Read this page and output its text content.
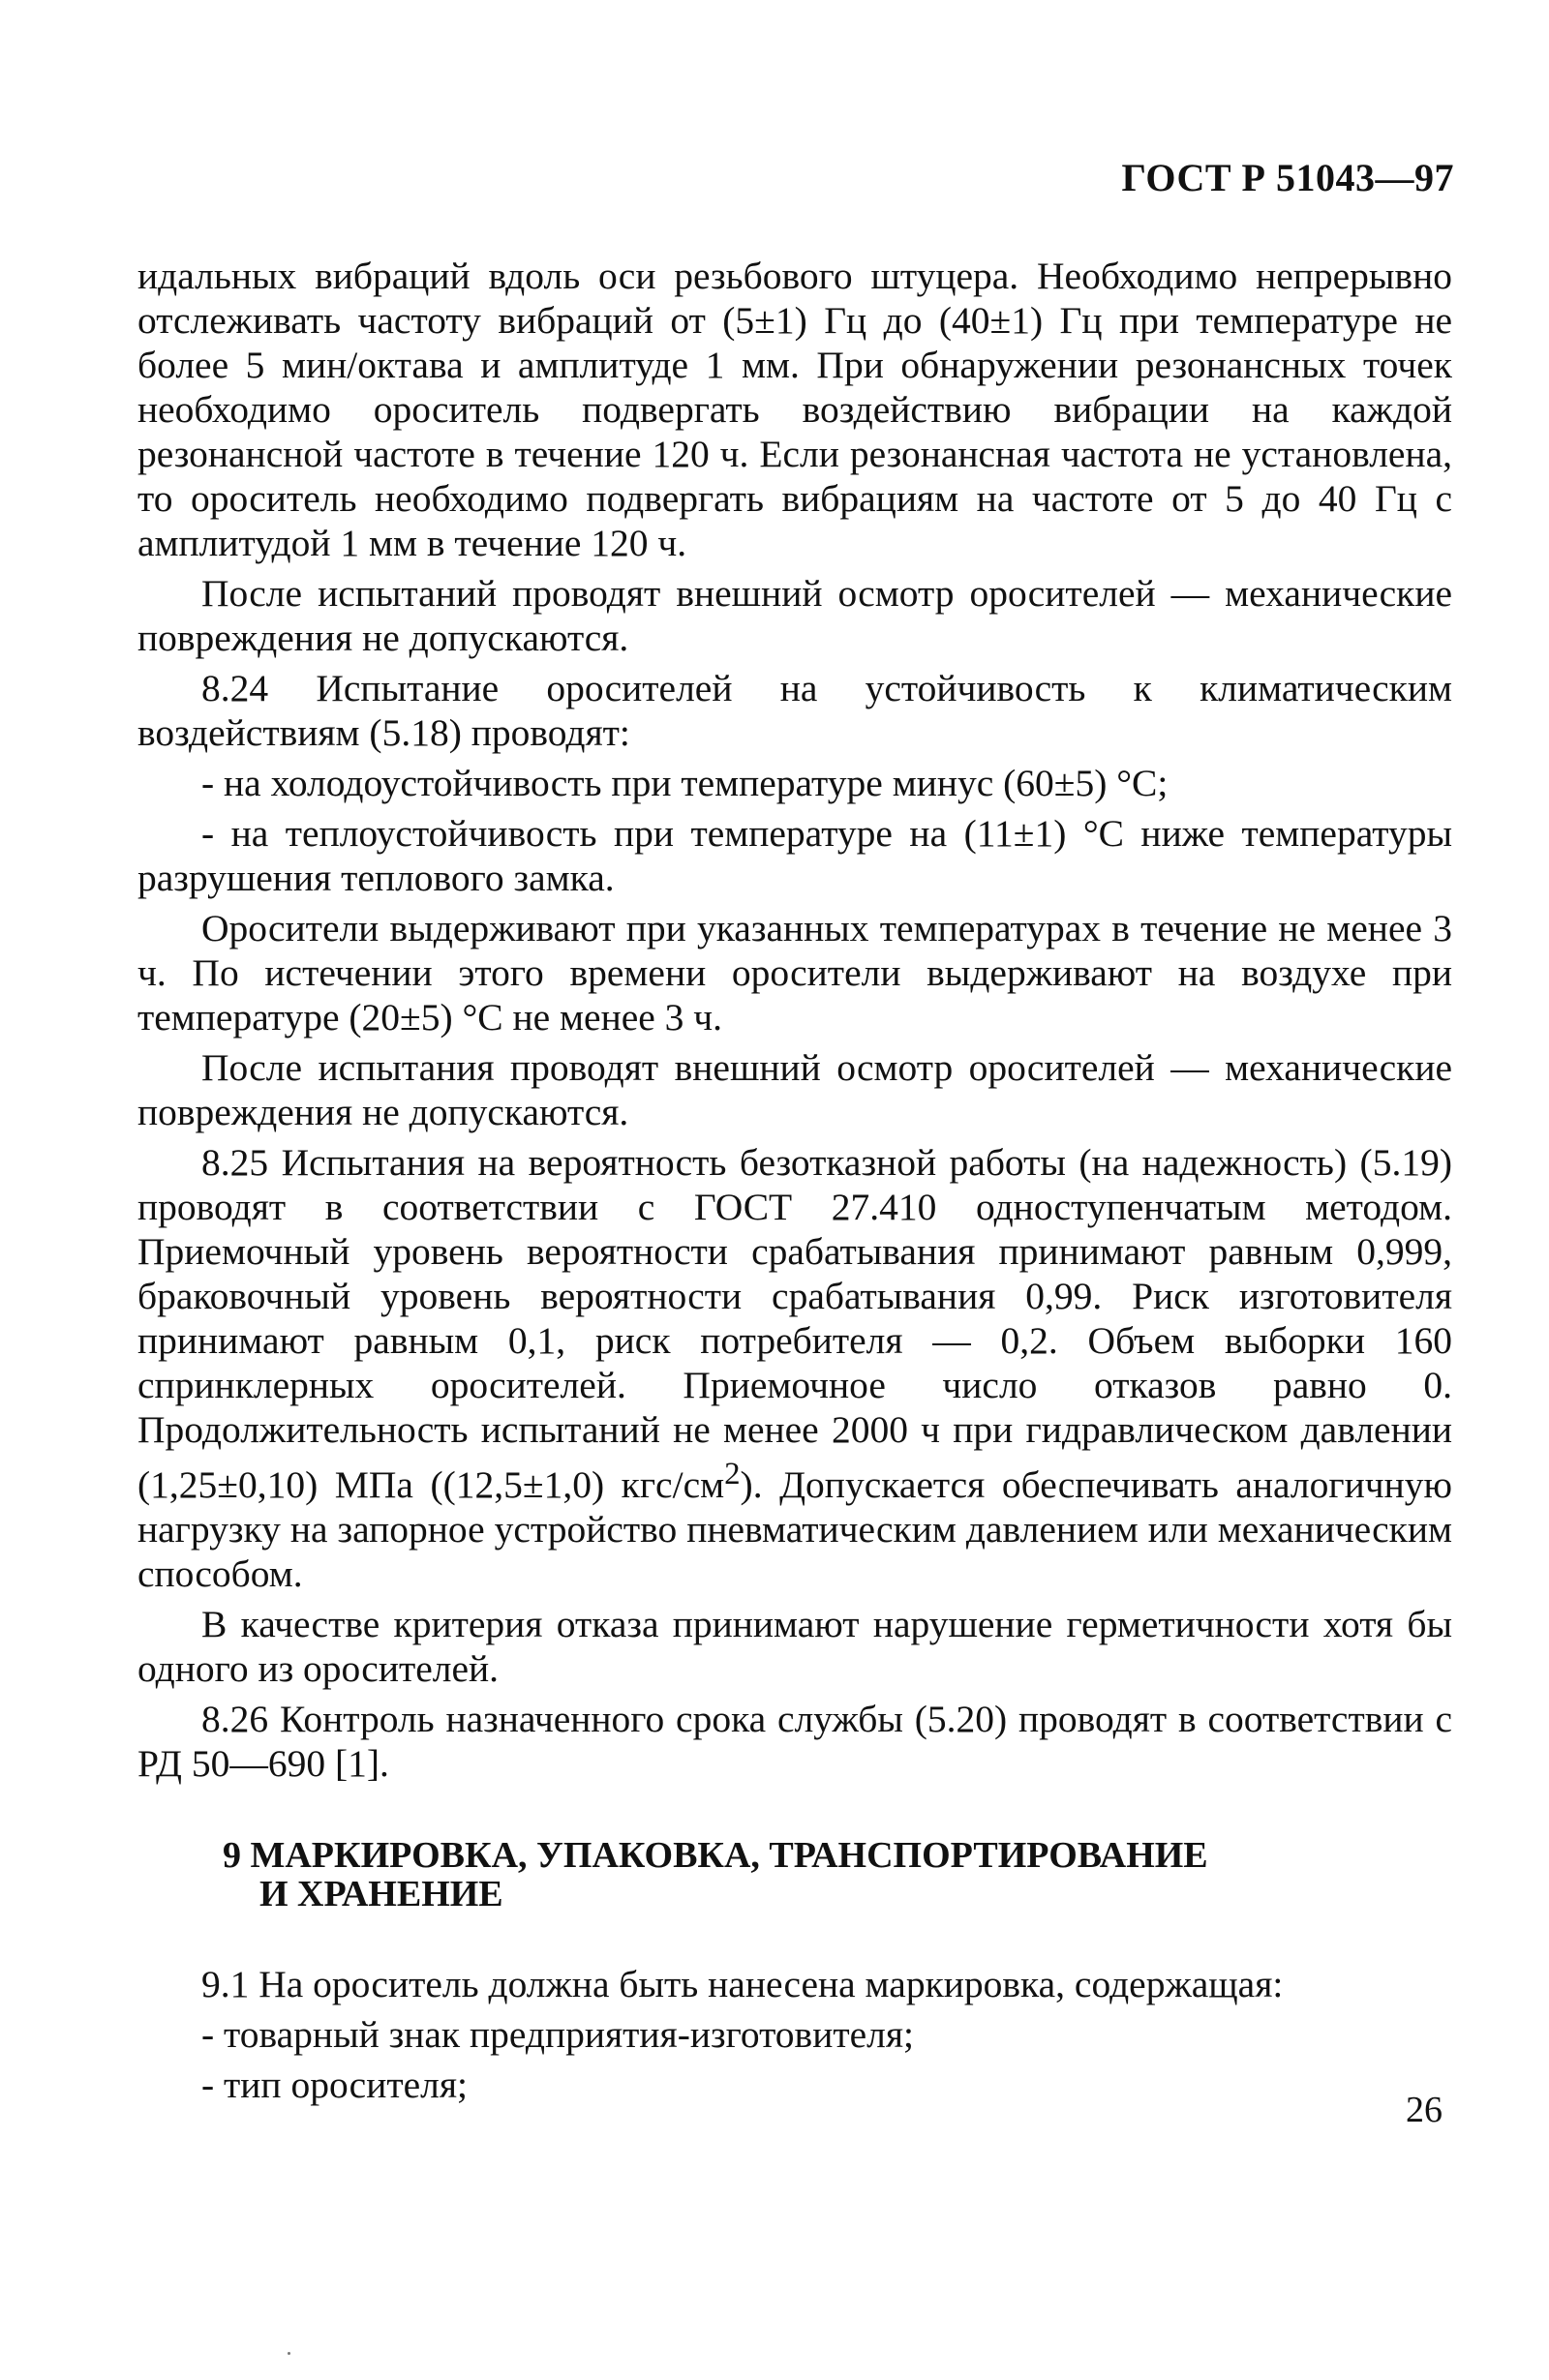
ГОСТ Р 51043—97

идальных вибраций вдоль оси резьбового штуцера. Необходимо непрерывно отслеживать частоту вибраций от (5±1) Гц до (40±1) Гц при температуре не более 5 мин/октава и амплитуде 1 мм. При обнаружении резонансных точек необходимо ороситель подвергать воздействию вибрации на каждой резонансной частоте в течение 120 ч. Если резонансная частота не установлена, то ороситель необходимо подвергать вибрациям на частоте от 5 до 40 Гц с амплитудой 1 мм в течение 120 ч.

После испытаний проводят внешний осмотр оросителей — механические повреждения не допускаются.

8.24 Испытание оросителей на устойчивость к климатическим воздействиям (5.18) проводят:

- на холодоустойчивость при температуре минус (60±5) °С;

- на теплоустойчивость при температуре на (11±1) °С ниже температуры разрушения теплового замка.

Оросители выдерживают при указанных температурах в течение не менее 3 ч. По истечении этого времени оросители выдерживают на воздухе при температуре (20±5) °С не менее 3 ч.

После испытания проводят внешний осмотр оросителей — механические повреждения не допускаются.

8.25 Испытания на вероятность безотказной работы (на надежность) (5.19) проводят в соответствии с ГОСТ 27.410 одноступенчатым методом. Приемочный уровень вероятности срабатывания принимают равным 0,999, браковочный уровень вероятности срабатывания 0,99. Риск изготовителя принимают равным 0,1, риск потребителя — 0,2. Объем выборки 160 спринклерных оросителей. Приемочное число отказов равно 0. Продолжительность испытаний не менее 2000 ч при гидравлическом давлении (1,25±0,10) МПа ((12,5±1,0) кгс/$см^2$). Допускается обеспечивать аналогичную нагрузку на запорное устройство пневматическим давлением или механическим способом.

В качестве критерия отказа принимают нарушение герметичности хотя бы одного из оросителей.

8.26 Контроль назначенного срока службы (5.20) проводят в соответствии с РД 50—690 [1].

9 МАРКИРОВКА, УПАКОВКА, ТРАНСПОРТИРОВАНИЕ
И ХРАНЕНИЕ

9.1 На ороситель должна быть нанесена маркировка, содержащая:

- товарный знак предприятия-изготовителя;

- тип оросителя;

26
